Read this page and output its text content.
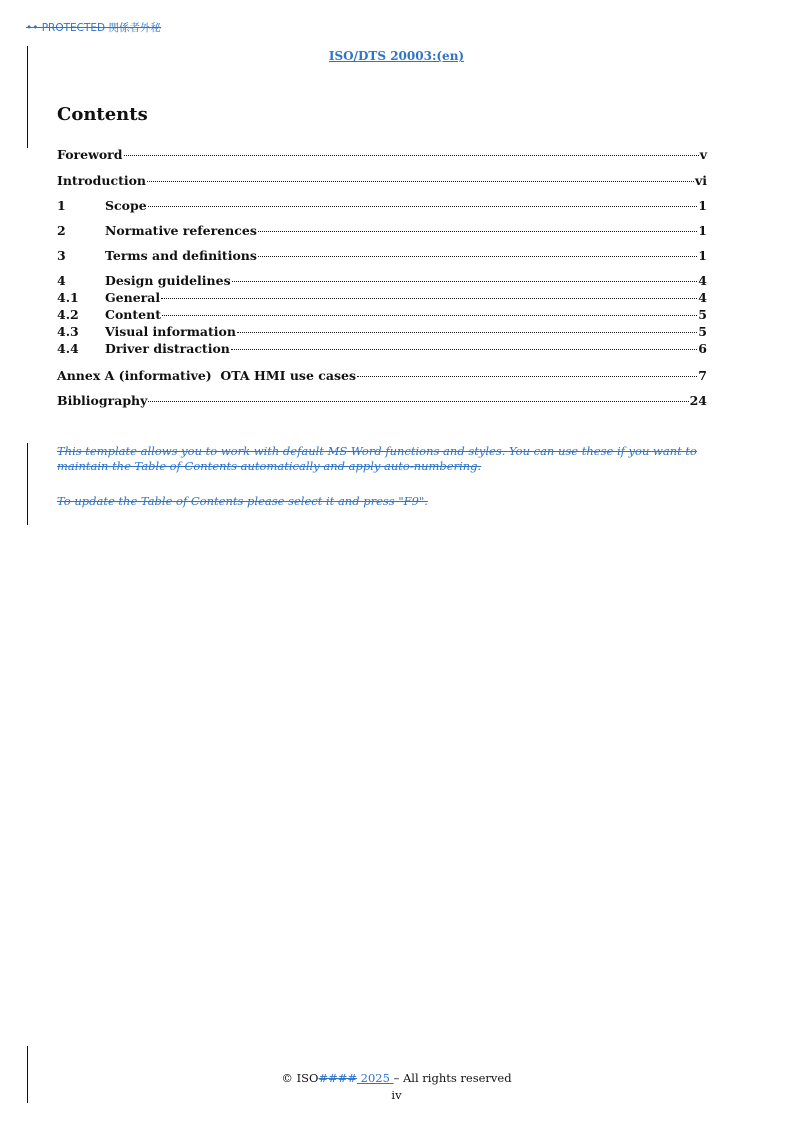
•• PROTECTED 関係者外秘
ISO/DTS 20003:(en)
Contents
Foreword	v
Introduction	vi
1	Scope	1
2	Normative references	1
3	Terms and definitions	1
4	Design guidelines	4
4.1	General	4
4.2	Content	5
4.3	Visual information	5
4.4	Driver distraction	6
Annex A (informative)  OTA HMI use cases	7
Bibliography	24
This template allows you to work with default MS Word functions and styles. You can use these if you want to maintain the Table of Contents automatically and apply auto-numbering.
To update the Table of Contents please select it and press "F9".
© ISO#### 2025 – All rights reserved
iv
